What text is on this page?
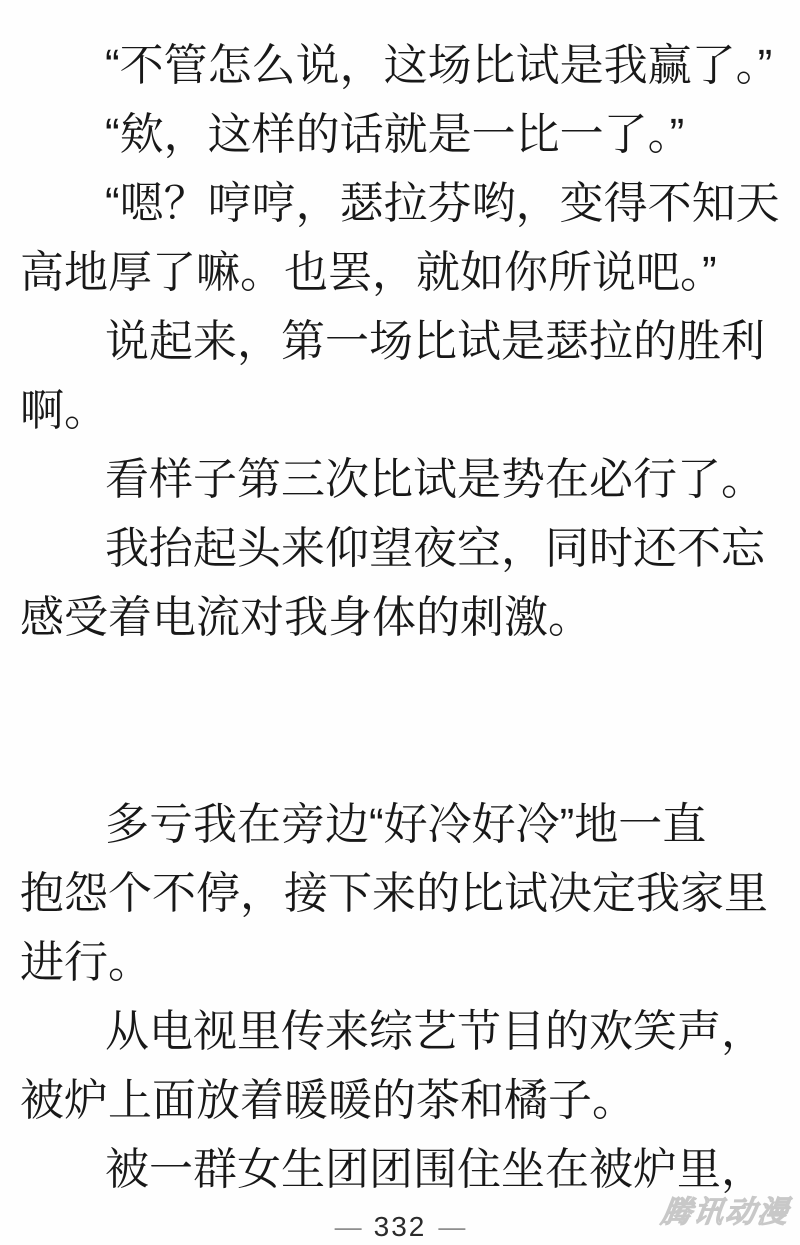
“不管怎么说，这场比试是我赢了。”
“欸，这样的话就是一比一了。”
“嗯？哼哼，瑟拉芬哟，变得不知天
高地厚了嘛。也罢，就如你所说吧。”
说起来，第一场比试是瑟拉的胜利
啊。
看样子第三次比试是势在必行了。
我抬起头来仰望夜空，同时还不忘
感受着电流对我身体的刺激。
多亏我在旁边“好冷好冷”地一直
抱怨个不停，接下来的比试决定我家里
进行。
从电视里传来综艺节目的欢笑声，
被炉上面放着暖暖的茶和橘子。
被一群女生团团围住坐在被炉里，
— 332 —	腾讯动漫
